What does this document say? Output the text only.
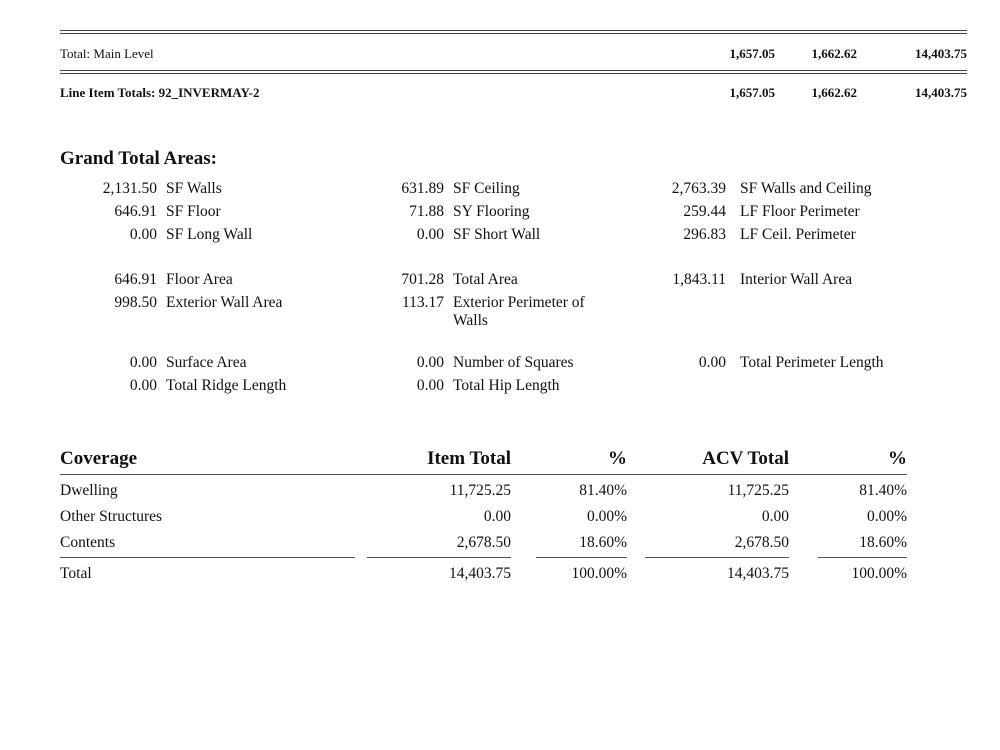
Total: Main Level	1,657.05	1,662.62	14,403.75
Line Item Totals: 92_INVERMAY-2	1,657.05	1,662.62	14,403.75
Grand Total Areas:
2,131.50 SF Walls	631.89 SF Ceiling	2,763.39 SF Walls and Ceiling
646.91 SF Floor	71.88 SY Flooring	259.44 LF Floor Perimeter
0.00 SF Long Wall	0.00 SF Short Wall	296.83 LF Ceil. Perimeter
646.91 Floor Area	701.28 Total Area	1,843.11 Interior Wall Area
998.50 Exterior Wall Area	113.17 Exterior Perimeter of Walls
0.00 Surface Area	0.00 Number of Squares	0.00 Total Perimeter Length
0.00 Total Ridge Length	0.00 Total Hip Length
Coverage	Item Total	%	ACV Total	%
Dwelling	11,725.25	81.40%	11,725.25	81.40%
Other Structures	0.00	0.00%	0.00	0.00%
Contents	2,678.50	18.60%	2,678.50	18.60%
Total	14,403.75	100.00%	14,403.75	100.00%
